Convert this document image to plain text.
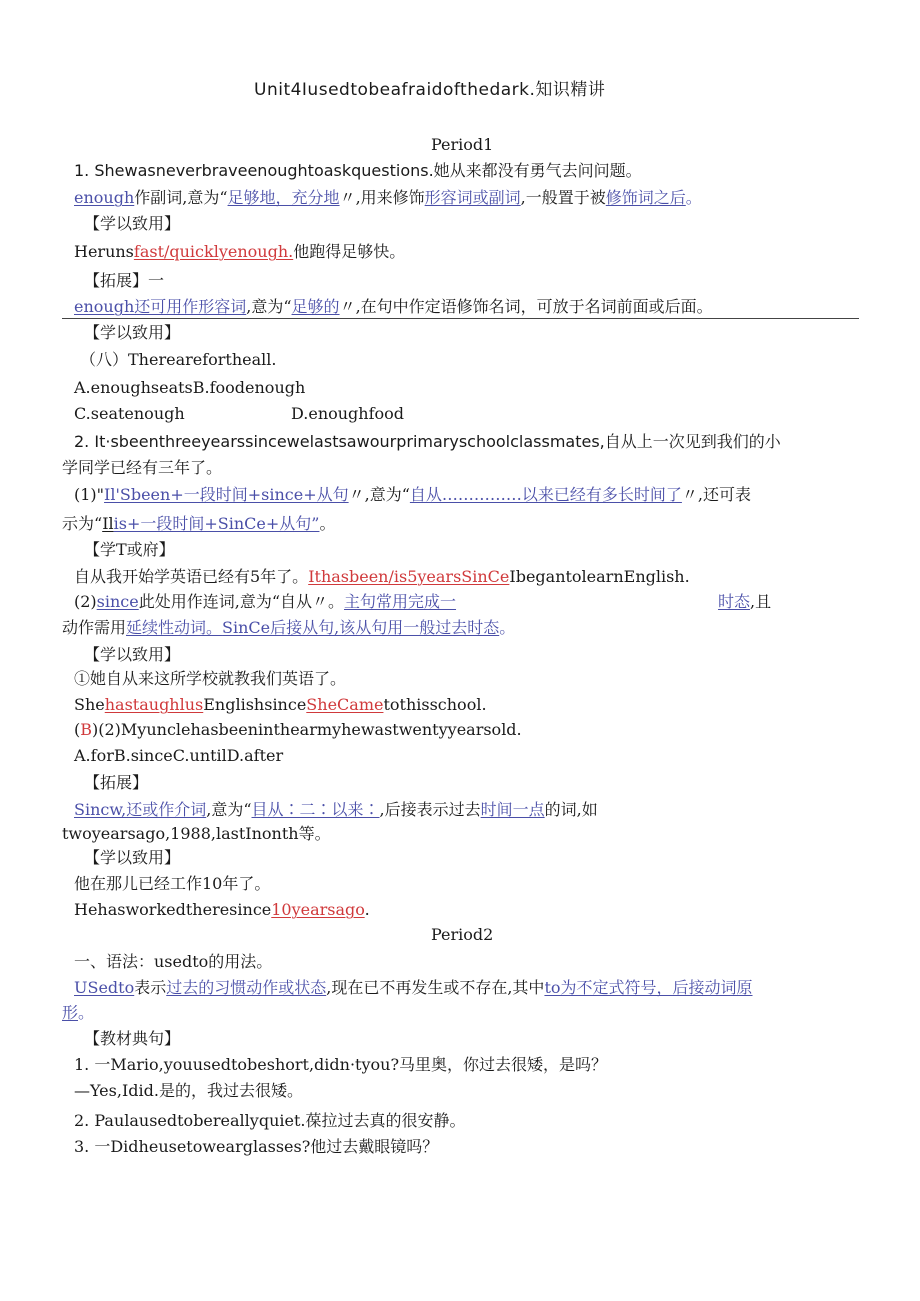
Unit4Iusedtobeafraidofthedark.知识精讲
Period1
1. Shewasneverbraveenoughtoaskquestions.她从来都没有勇气去问问题。
enough作副词,意为“足够地，充分地〃,用来修饰形容词或副词,一般置于被修饰词之后。
【学以致用】
Herunsfast/quicklyenough.他跑得足够快。
【拓展】一
enough还可用作形容词,意为“足够的〃,在句中作定语修饰名词，可放于名词前面或后面。
【学以致用】
（八）Therearefortheall.
A.enoughseatsB.foodenough
C.seatenough	D.enoughfood
2. It·sbeenthreeyearssincewelastsawourprimaryschoolclassmates,自从上一次见到我们的小
学同学已经有三年了。
(1)"Il'Sbeen+一段时间+since+从句〃,意为“自从……………以来已经有多长时间了〃,还可表
示为“Ilis+一段时间+SinCe+从句”。
【学T或府】
自从我开始学英语已经有5年了。Ithasbeen/is5yearsSinCeIbegantolearnEnglish.
(2)since此处用作连词,意为“自从〃。主句常用完成一	时态,且
动作需用延续性动词。SinCe后接从句,该从句用一般过去时态。
【学以致用】
①她自从来这所学校就教我们英语了。
ShehastaughlusEnglishsinceSheCametothisschool.
(B)(2)Myunclehasbeeninthearmyhewastwentyyearsold.
A.forB.sinceC.untilD.after
【拓展】
Sincw,还或作介词,意为“目从∶二∶以来∶,后接表示过去时间一点的词,如
twoyearsago,1988,lastInonth等。
【学以致用】
他在那儿已经工作10年了。
Hehasworkedtheresince10yearsago.
Period2
一、语法：usedto的用法。
USedto表示过去的习惯动作或状态,现在已不再发生或不存在,其中to为不定式符号，后接动词原
形。
【教材典句】
1. 一Mario,youusedtobeshort,didn·tyou?马里奥，你过去很矮，是吗？
—Yes,Idid.是的，我过去很矮。
2. Paulausedtobereallyquiet.葆拉过去真的很安静。
3. 一Didheusetowearglasses?他过去戴眼镜吗？
